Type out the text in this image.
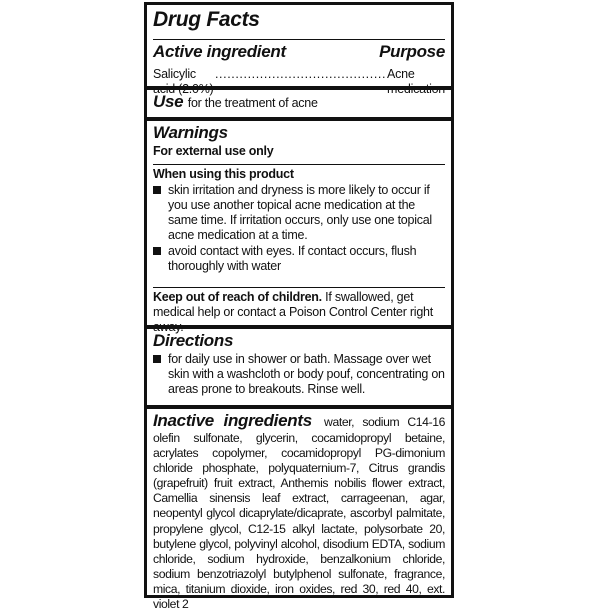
Drug Facts
Active ingredient	Purpose
Salicylic	.......................................... Acne
Use for the treatment of acne
Warnings
For external use only
When using this product
skin irritation and dryness is more likely to occur if you use another topical acne medication at the same time. If irritation occurs, only use one topical acne medication at a time.
avoid contact with eyes. If contact occurs, flush thoroughly with water
Keep out of reach of children. If swallowed, get medical help or contact a Poison Control Center right
Directions
for daily use in shower or bath. Massage over wet skin with a washcloth or body pouf, concentrating on areas prone to breakouts. Rinse well.
Inactive ingredients water, sodium C14-16 olefin sulfonate, glycerin, cocamidopropyl betaine, acrylates copolymer, cocamidopropyl PG-dimonium chloride phosphate, polyquaternium-7, Citrus grandis (grapefruit) fruit extract, Anthemis nobilis flower extract, Camellia sinensis leaf extract, carrageenan, agar, neopentyl glycol dicaprylate/dicaprate, ascorbyl palmitate, propylene glycol, C12-15 alkyl lactate, polysorbate 20, butylene glycol, polyvinyl alcohol, disodium EDTA, sodium chloride, sodium hydroxide, benzalkonium chloride, sodium benzotriazolyl butylphenol sulfonate, fragrance, mica, titanium dioxide, iron oxides, red 30, red 40, ext. violet 2
